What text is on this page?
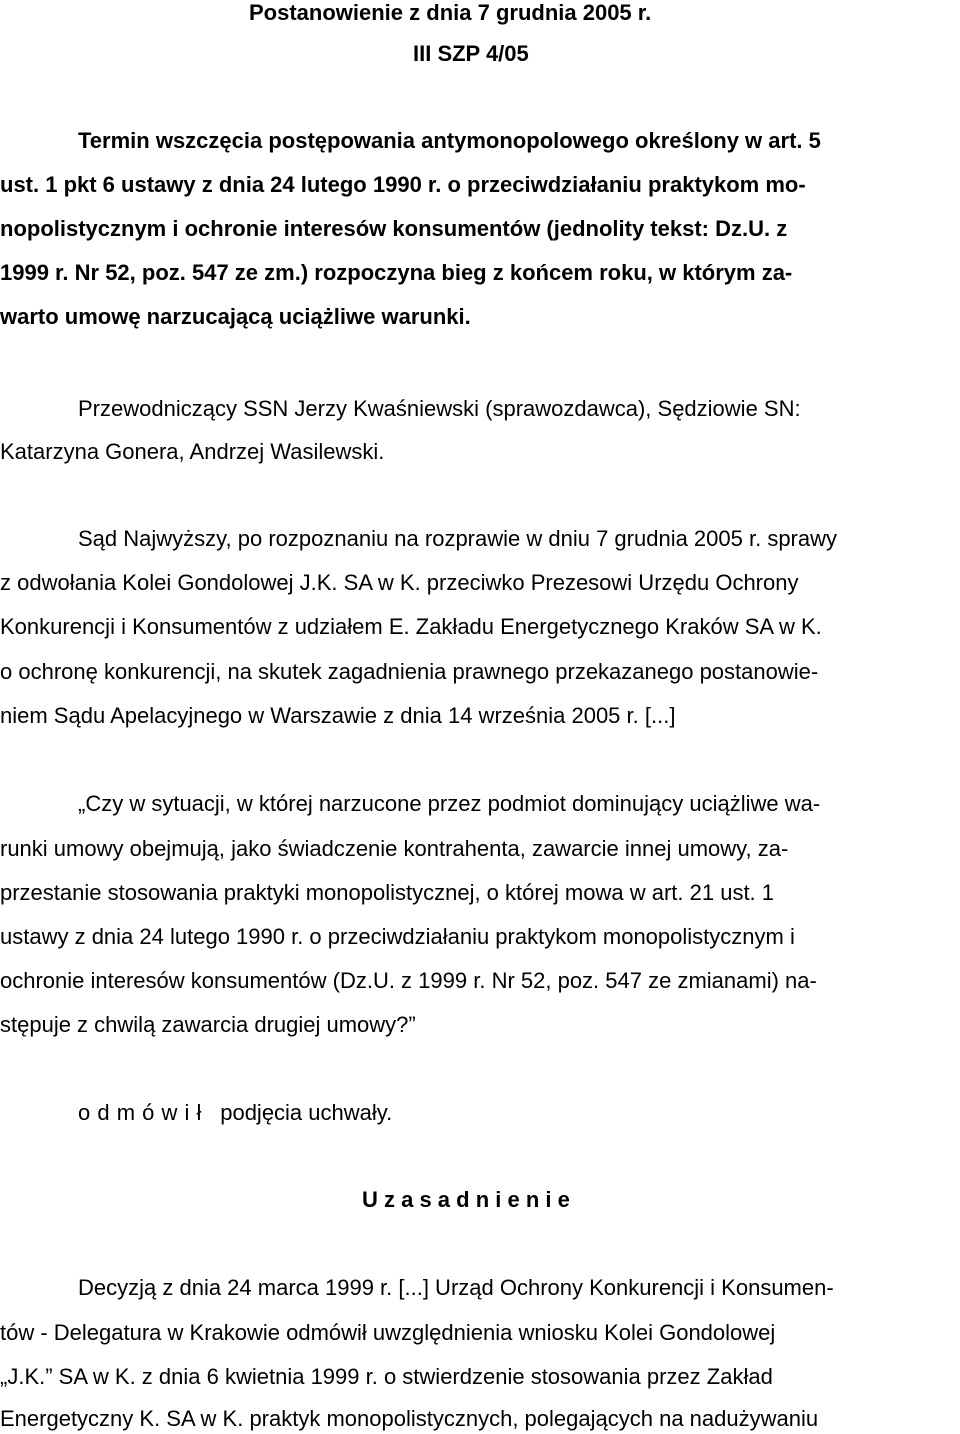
Postanowienie z dnia 7 grudnia 2005 r.

III SZP 4/05

Termin wszczęcia postępowania antymonopolowego określony w art. 5

ust. 1 pkt 6 ustawy z dnia 24 lutego 1990 r. o przeciwdziałaniu praktykom mo-

nopolistycznym i ochronie interesów konsumentów (jednolity tekst: Dz.U. z

1999 r. Nr 52, poz. 547 ze zm.) rozpoczyna bieg z końcem roku, w którym za-

warto umowę narzucającą uciążliwe warunki.

Przewodniczący SSN Jerzy Kwaśniewski (sprawozdawca), Sędziowie SN:

Katarzyna Gonera, Andrzej Wasilewski.

Sąd Najwyższy, po rozpoznaniu na rozprawie w dniu 7 grudnia 2005 r. sprawy

z odwołania Kolei Gondolowej J.K. SA w K. przeciwko Prezesowi Urzędu Ochrony

Konkurencji i Konsumentów z udziałem E. Zakładu Energetycznego Kraków SA w K.

o ochronę konkurencji, na skutek zagadnienia prawnego przekazanego postanowie-

niem Sądu Apelacyjnego w Warszawie z dnia 14 września 2005 r. [...]

„Czy w sytuacji, w której narzucone przez podmiot dominujący uciążliwe wa-

runki umowy obejmują, jako świadczenie kontrahenta, zawarcie innej umowy, za-

przestanie stosowania praktyki monopolistycznej, o której mowa w art. 21 ust. 1

ustawy z dnia 24 lutego 1990 r. o przeciwdziałaniu praktykom monopolistycznym i

ochronie interesów konsumentów (Dz.U. z 1999 r. Nr 52, poz. 547 ze zmianami) na-

stępuje z chwilą zawarcia drugiej umowy?”

o d m ó w i ł podjęcia uchwały.

U z a s a d n i e n i e

Decyzją z dnia 24 marca 1999 r. [...] Urząd Ochrony Konkurencji i Konsumen-

tów - Delegatura w Krakowie odmówił uwzględnienia wniosku Kolei Gondolowej

„J.K.” SA w K. z dnia 6 kwietnia 1999 r. o stwierdzenie stosowania przez Zakład

Energetyczny K. SA w K. praktyk monopolistycznych, polegających na nadużywaniu
